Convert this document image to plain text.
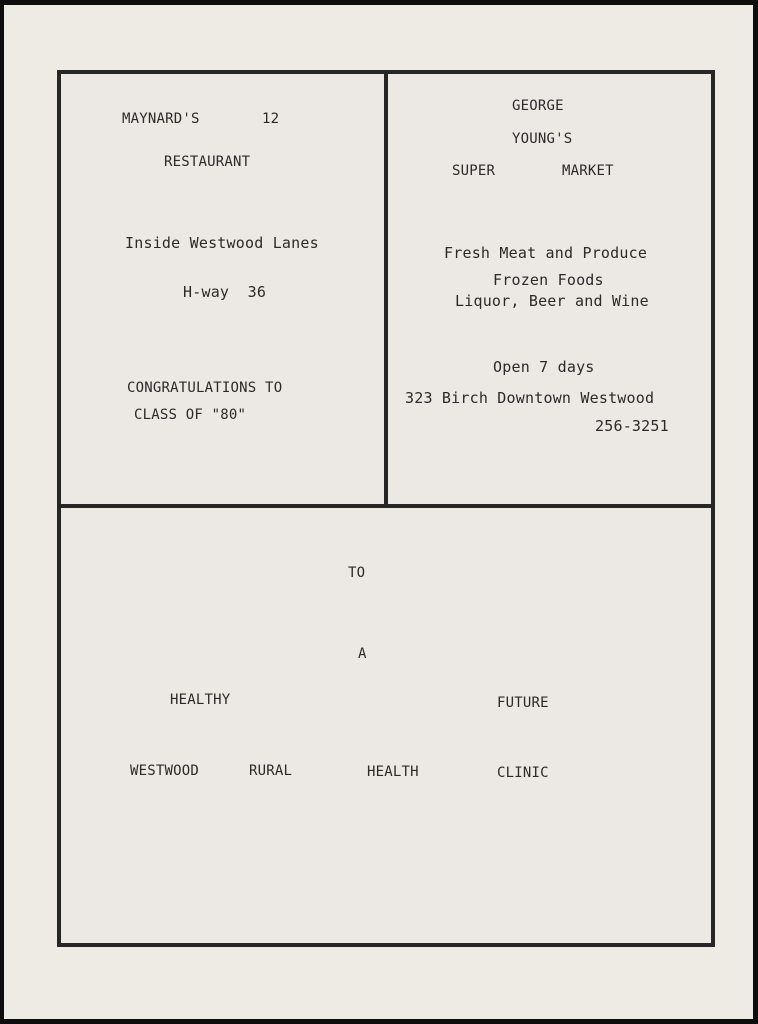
MAYNARD'S	12
RESTAURANT
Inside Westwood Lanes
H-way  36
CONGRATULATIONS TO
CLASS OF "80"
GEORGE
YOUNG'S
SUPER	MARKET
Fresh Meat and Produce
Frozen Foods
Liquor, Beer and Wine
Open 7 days
323 Birch Downtown Westwood
256-3251
TO
A
HEALTHY	FUTURE
WESTWOOD	RURAL	HEALTH	CLINIC
